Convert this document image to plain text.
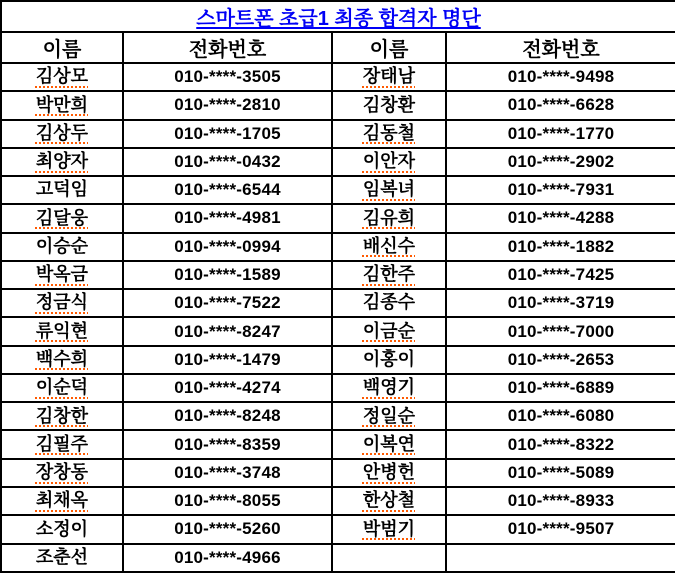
스마트폰 초급1 최종 합격자 명단			
이름	전화번호	이름	전화번호
김상모	010-****-3505	장태남	010-****-9498
박만희	010-****-2810	김창환	010-****-6628
김상두	010-****-1705	김동철	010-****-1770
최양자	010-****-0432	이안자	010-****-2902
고덕임	010-****-6544	임복녀	010-****-7931
김달웅	010-****-4981	김유희	010-****-4288
이승순	010-****-0994	배신수	010-****-1882
박옥금	010-****-1589	김한주	010-****-7425
정금식	010-****-7522	김종수	010-****-3719
류익현	010-****-8247	이금순	010-****-7000
백수희	010-****-1479	이홍이	010-****-2653
이순덕	010-****-4274	백영기	010-****-6889
김창한	010-****-8248	정일순	010-****-6080
김필주	010-****-8359	이복연	010-****-8322
장창동	010-****-3748	안병헌	010-****-5089
최채옥	010-****-8055	한상철	010-****-8933
소정이	010-****-5260	박범기	010-****-9507
조춘선	010-****-4966		
